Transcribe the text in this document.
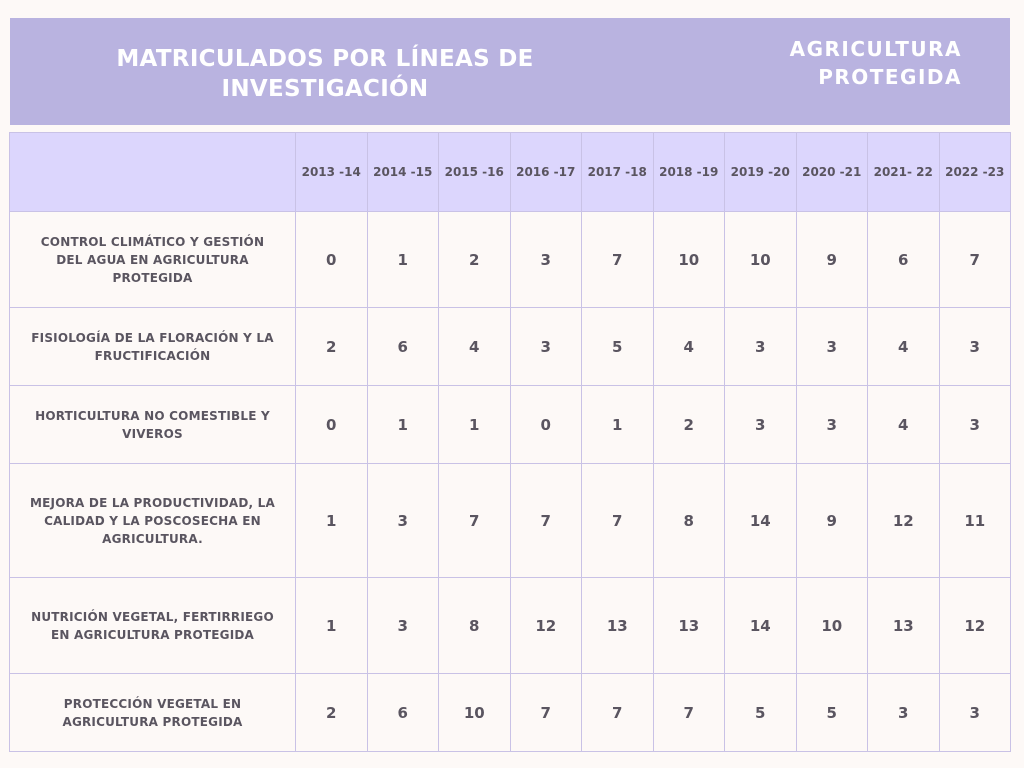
MATRICULADOS POR LÍNEAS DE INVESTIGACIÓN
AGRICULTURA PROTEGIDA
	2013 -14	2014 -15	2015 -16	2016 -17	2017 -18	2018 -19	2019 -20	2020 -21	2021- 22	2022 -23
CONTROL CLIMÁTICO Y GESTIÓN DEL AGUA EN AGRICULTURA PROTEGIDA	0	1	2	3	7	10	10	9	6	7
FISIOLOGÍA DE LA FLORACIÓN Y LA FRUCTIFICACIÓN	2	6	4	3	5	4	3	3	4	3
HORTICULTURA NO COMESTIBLE Y VIVEROS	0	1	1	0	1	2	3	3	4	3
MEJORA DE LA PRODUCTIVIDAD, LA CALIDAD Y LA POSCOSECHA EN AGRICULTURA.	1	3	7	7	7	8	14	9	12	11
NUTRICIÓN VEGETAL, FERTIRRIEGO EN AGRICULTURA PROTEGIDA	1	3	8	12	13	13	14	10	13	12
PROTECCIÓN VEGETAL EN AGRICULTURA PROTEGIDA	2	6	10	7	7	7	5	5	3	3
